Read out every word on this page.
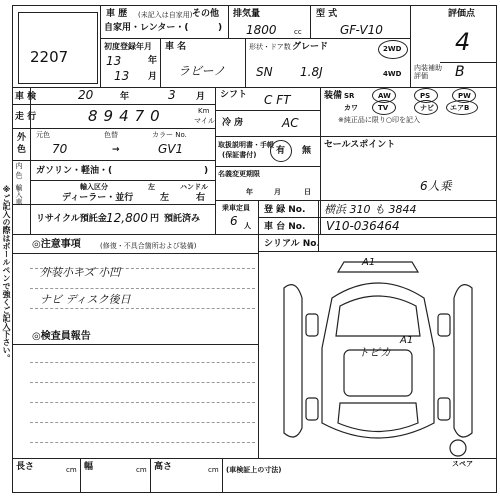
※ご記入の際はボールペンで強くご記入下さい。
2207
車 歴 (未記入は自家用) その他
自家用・レンター・(	)
排気量
1800 cc
型 式
GF-V10
評価点
4
初度登録年月
13	年
13 月
車 名
ラビーノ
形状・ドア数 グレード
SN 1.8J
2WD
4WD
内装補助評価	B
車 検	20	年	3 月
走 行	89470	Km
マイル
外 色 元色	色替	カラー No.
70	→	GV1
内 色 ガソリン・軽油・(	)
輸入車	輸入区分	左	ハンドル
ディーラー・並行	左	右
リサイクル預託金 12,800 円 預託済み
シフト C FT
冷 房	AC
取扱説明書・手帳
(保証書付) 有 無
名義変更期限
年	月	日
装備 SR	AW	PS	PW
カワ	TV	ナビ エアB
※純正品に限り○印を記入
セールスポイント
6人乗
乗車定員
6 人
登 録 No. 横浜 310 も 3844
車 台 No. V10-036464
シリアル No.
◎注意事項	(修復・不具合箇所および装備)
外装小キズ 小凹
ナビ ディスク後日
◎検査員報告
A1
トピカ
A1
スペア
長さ	cm 幅	cm 高さ	cm (車検証上の寸法)
